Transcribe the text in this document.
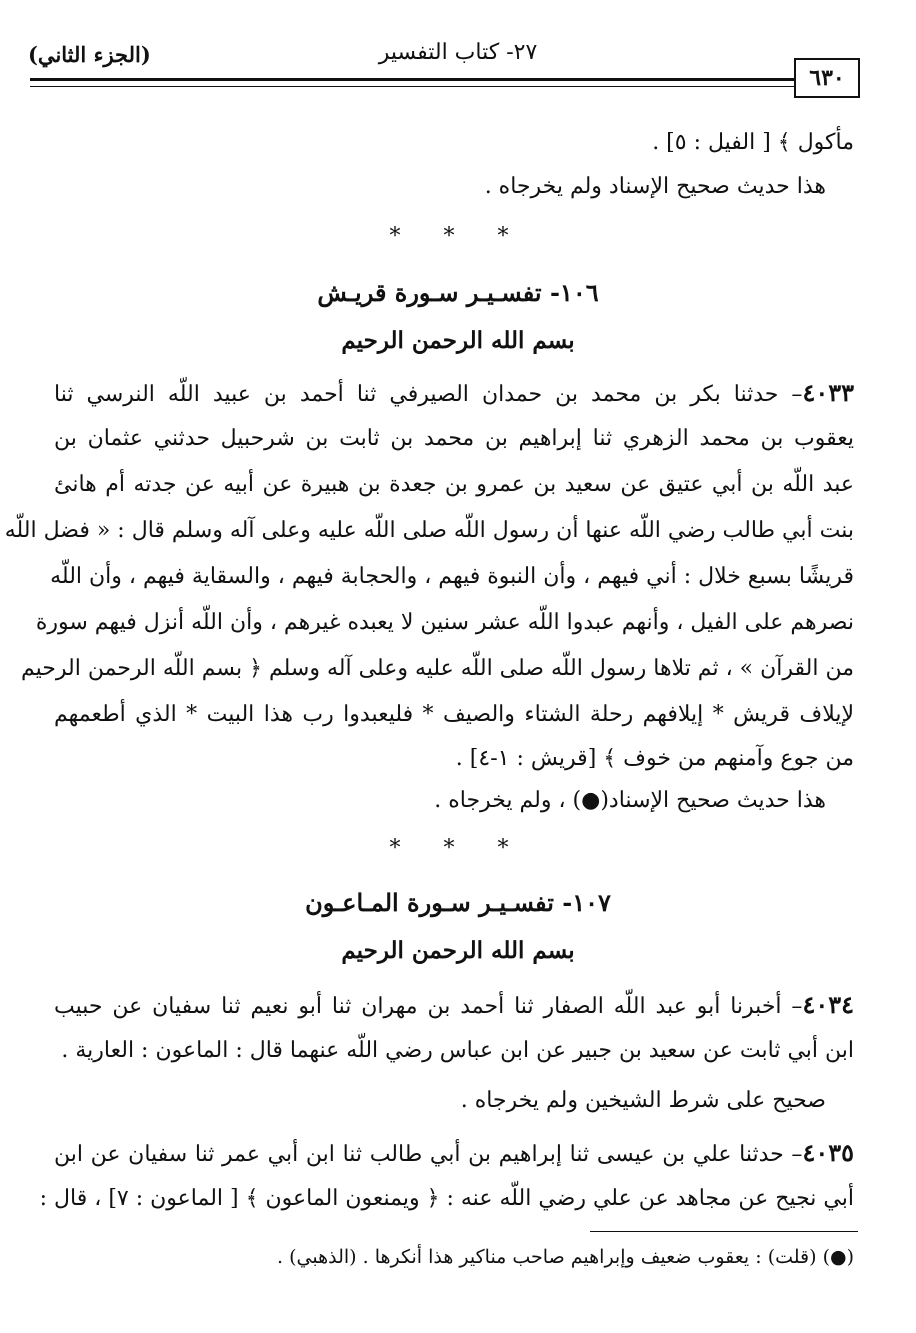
٢٧- كتاب التفسير
(الجزء الثاني)
٦٣٠
مأكول ﴾ [ الفيل : ٥] .
هذا حديث صحيح الإسناد ولم يخرجاه .
* * *
١٠٦- تفسـيـر سـورة قريـش
بسم الله الرحمن الرحيم
٤٠٣٣– حدثنا بكر بن محمد بن حمدان الصيرفي ثنا أحمد بن عبيد اللّه النرسي ثنا
يعقوب بن محمد الزهري ثنا إبراهيم بن محمد بن ثابت بن شرحبيل حدثني عثمان بن
عبد اللّه بن أبي عتيق عن سعيد بن عمرو بن جعدة بن هبيرة عن أبيه عن جدته أم هانئ
بنت أبي طالب رضي اللّه عنها أن رسول اللّه صلى اللّه عليه وعلى آله وسلم قال : « فضل اللّه
قريشًا بسبع خلال : أني فيهم ، وأن النبوة فيهم ، والحجابة فيهم ، والسقاية فيهم ، وأن اللّه
نصرهم على الفيل ، وأنهم عبدوا اللّه عشر سنين لا يعبده غيرهم ، وأن اللّه أنزل فيهم سورة
من القرآن » ، ثم تلاها رسول اللّه صلى اللّه عليه وعلى آله وسلم ﴿ بسم اللّه الرحمن الرحيم
لإيلاف قريش * إيلافهم رحلة الشتاء والصيف * فليعبدوا رب هذا البيت * الذي أطعمهم
من جوع وآمنهم من خوف ﴾ [قريش : ١-٤] .
هذا حديث صحيح الإسناد(●) ، ولم يخرجاه .
* * *
١٠٧- تفسـيـر سـورة المـاعـون
بسم الله الرحمن الرحيم
٤٠٣٤– أخبرنا أبو عبد اللّه الصفار ثنا أحمد بن مهران ثنا أبو نعيم ثنا سفيان عن حبيب
ابن أبي ثابت عن سعيد بن جبير عن ابن عباس رضي اللّه عنهما قال : الماعون : العارية .
صحيح على شرط الشيخين ولم يخرجاه .
٤٠٣٥– حدثنا علي بن عيسى ثنا إبراهيم بن أبي طالب ثنا ابن أبي عمر ثنا سفيان عن ابن
أبي نجيح عن مجاهد عن علي رضي اللّه عنه : ﴿ ويمنعون الماعون ﴾ [ الماعون : ٧] ، قال :
(●) (قلت) : يعقوب ضعيف وإبراهيم صاحب مناكير هذا أنكرها . (الذهبي) .
